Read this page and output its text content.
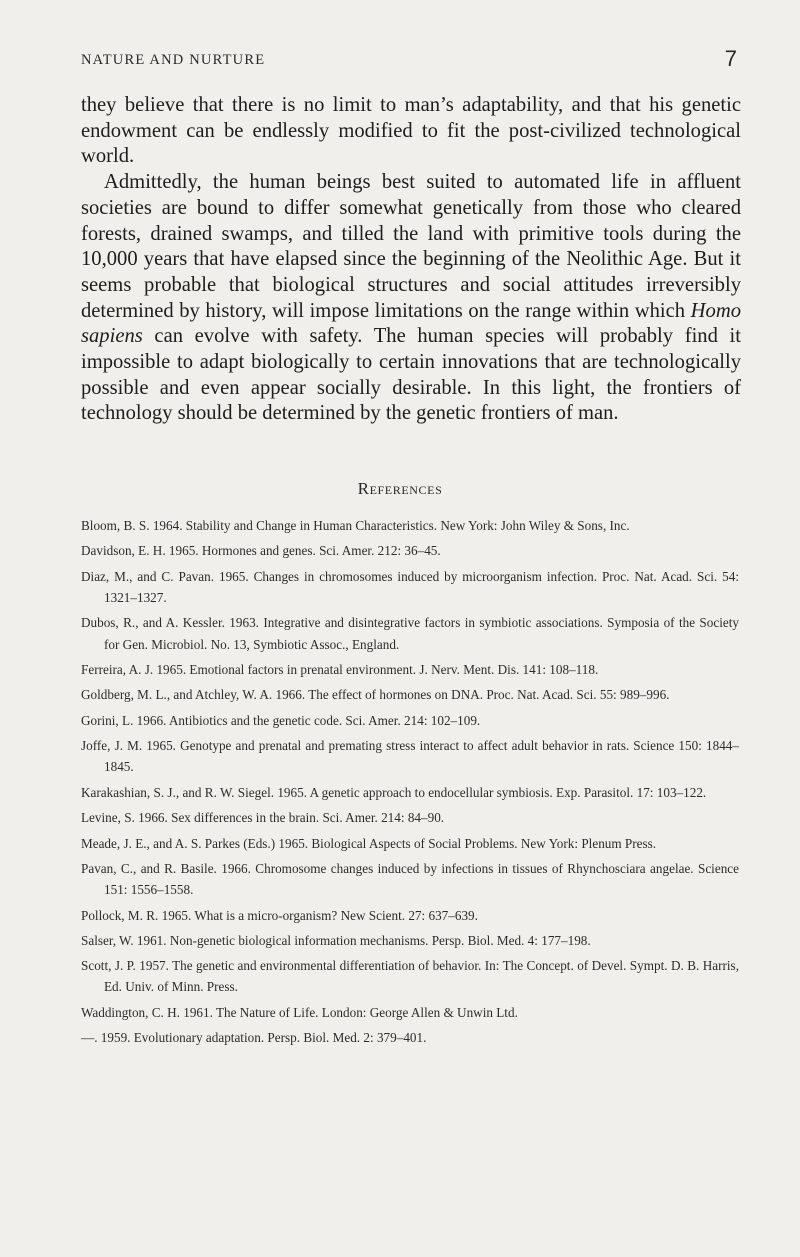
NATURE AND NURTURE	7

they believe that there is no limit to man’s adaptability, and that his genetic endowment can be endlessly modified to fit the post-civilized technological world.

Admittedly, the human beings best suited to automated life in affluent societies are bound to differ somewhat genetically from those who cleared forests, drained swamps, and tilled the land with primitive tools during the 10,000 years that have elapsed since the beginning of the Neolithic Age. But it seems probable that biological structures and social attitudes irreversibly determined by history, will impose limitations on the range within which Homo sapiens can evolve with safety. The human species will probably find it impossible to adapt biologically to certain innovations that are technologically possible and even appear socially desirable. In this light, the frontiers of technology should be determined by the genetic frontiers of man.

References

Bloom, B. S. 1964. Stability and Change in Human Characteristics. New York: John Wiley & Sons, Inc.

Davidson, E. H. 1965. Hormones and genes. Sci. Amer. 212: 36–45.

Diaz, M., and C. Pavan. 1965. Changes in chromosomes induced by microorganism infection. Proc. Nat. Acad. Sci. 54: 1321–1327.

Dubos, R., and A. Kessler. 1963. Integrative and disintegrative factors in symbiotic associations. Symposia of the Society for Gen. Microbiol. No. 13, Symbiotic Assoc., England.

Ferreira, A. J. 1965. Emotional factors in prenatal environment. J. Nerv. Ment. Dis. 141: 108–118.

Goldberg, M. L., and Atchley, W. A. 1966. The effect of hormones on DNA. Proc. Nat. Acad. Sci. 55: 989–996.

Gorini, L. 1966. Antibiotics and the genetic code. Sci. Amer. 214: 102–109.

Joffe, J. M. 1965. Genotype and prenatal and premating stress interact to affect adult behavior in rats. Science 150: 1844–1845.

Karakashian, S. J., and R. W. Siegel. 1965. A genetic approach to endocellular symbiosis. Exp. Parasitol. 17: 103–122.

Levine, S. 1966. Sex differences in the brain. Sci. Amer. 214: 84–90.

Meade, J. E., and A. S. Parkes (Eds.) 1965. Biological Aspects of Social Problems. New York: Plenum Press.

Pavan, C., and R. Basile. 1966. Chromosome changes induced by infections in tissues of Rhynchosciara angelae. Science 151: 1556–1558.

Pollock, M. R. 1965. What is a micro-organism? New Scient. 27: 637–639.

Salser, W. 1961. Non-genetic biological information mechanisms. Persp. Biol. Med. 4: 177–198.

Scott, J. P. 1957. The genetic and environmental differentiation of behavior. In: The Concept. of Devel. Sympt. D. B. Harris, Ed. Univ. of Minn. Press.

Waddington, C. H. 1961. The Nature of Life. London: George Allen & Unwin Ltd.

—. 1959. Evolutionary adaptation. Persp. Biol. Med. 2: 379–401.
